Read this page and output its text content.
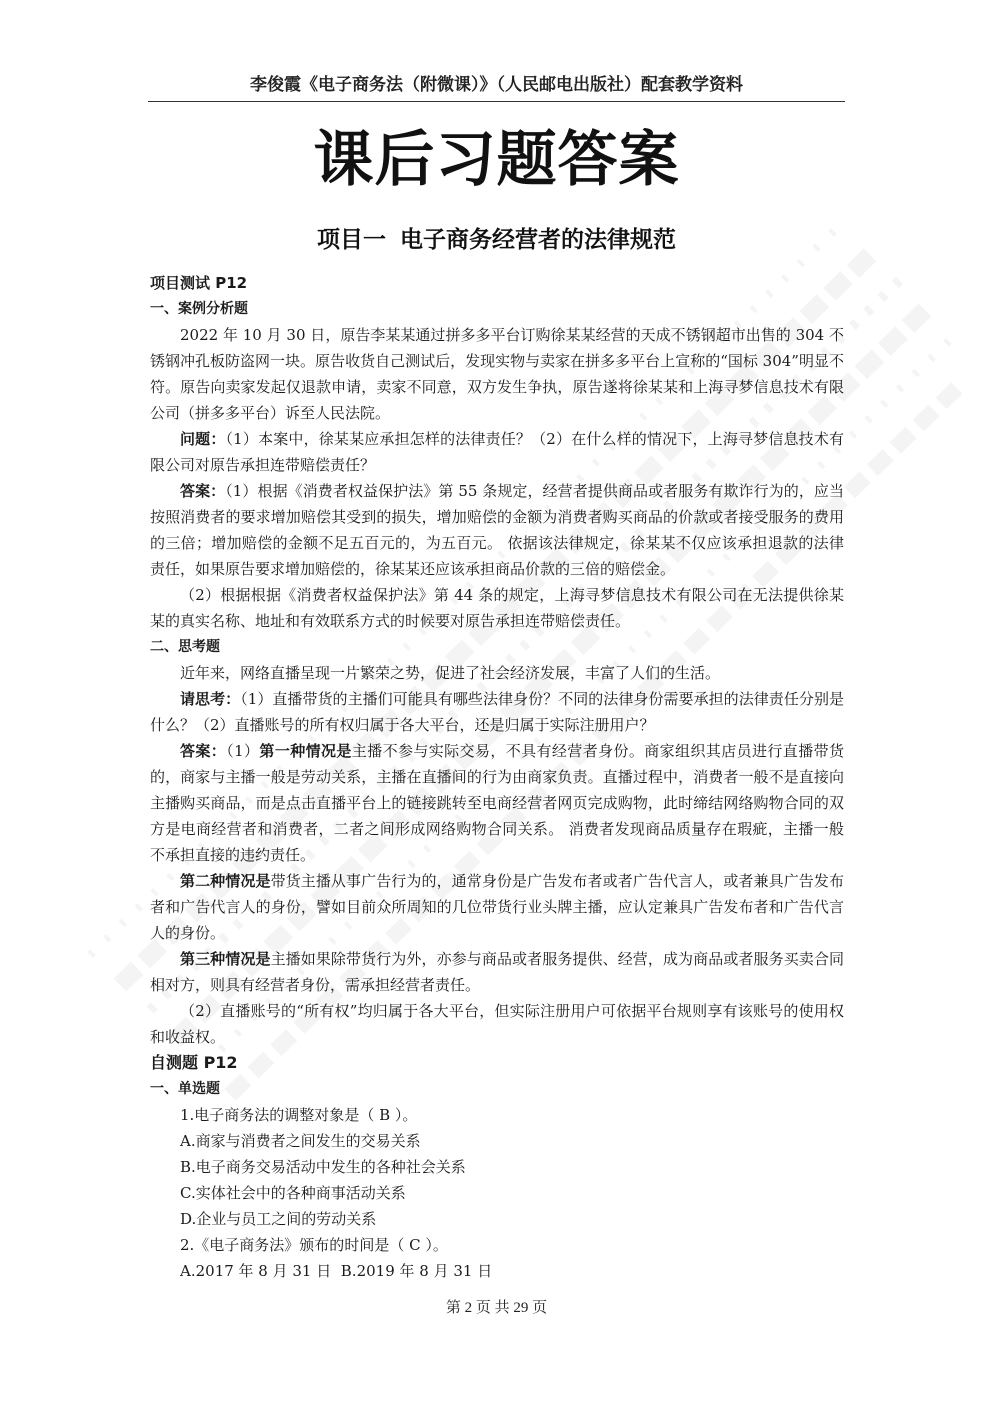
李俊霞《电子商务法（附微课）》（人民邮电出版社）配套教学资料
课后习题答案
项目一 电子商务经营者的法律规范
项目测试 P12
一、案例分析题

2022 年 10 月 30 日，原告李某某通过拼多多平台订购徐某某经营的天成不锈钢超市出售的 304 不锈钢冲孔板防盗网一块。原告收货自己测试后，发现实物与卖家在拼多多平台上宣称的“国标 304”明显不符。原告向卖家发起仅退款申请，卖家不同意，双方发生争执，原告遂将徐某某和上海寻梦信息技术有限公司（拼多多平台）诉至人民法院。

问题：（1）本案中，徐某某应承担怎样的法律责任？（2）在什么样的情况下，上海寻梦信息技术有限公司对原告承担连带赔偿责任？

答案：（1）根据《消费者权益保护法》第 55 条规定，经营者提供商品或者服务有欺诈行为的，应当按照消费者的要求增加赔偿其受到的损失，增加赔偿的金额为消费者购买商品的价款或者接受服务的费用的三倍；增加赔偿的金额不足五百元的，为五百元。 依据该法律规定，徐某某不仅应该承担退款的法律责任，如果原告要求增加赔偿的，徐某某还应该承担商品价款的三倍的赔偿金。

（2）根据根据《消费者权益保护法》第 44 条的规定，上海寻梦信息技术有限公司在无法提供徐某某的真实名称、地址和有效联系方式的时候要对原告承担连带赔偿责任。

二、思考题

近年来，网络直播呈现一片繁荣之势，促进了社会经济发展，丰富了人们的生活。

请思考：（1）直播带货的主播们可能具有哪些法律身份？不同的法律身份需要承担的法律责任分别是什么？（2）直播账号的所有权归属于各大平台，还是归属于实际注册用户？

答案：（1）第一种情况是主播不参与实际交易，不具有经营者身份。商家组织其店员进行直播带货的，商家与主播一般是劳动关系，主播在直播间的行为由商家负责。直播过程中，消费者一般不是直接向主播购买商品，而是点击直播平台上的链接跳转至电商经营者网页完成购物，此时缔结网络购物合同的双方是电商经营者和消费者，二者之间形成网络购物合同关系。 消费者发现商品质量存在瑕疵，主播一般不承担直接的违约责任。

第二种情况是带货主播从事广告行为的，通常身份是广告发布者或者广告代言人，或者兼具广告发布者和广告代言人的身份，譬如目前众所周知的几位带货行业头牌主播，应认定兼具广告发布者和广告代言人的身份。

第三种情况是主播如果除带货行为外，亦参与商品或者服务提供、经营，成为商品或者服务买卖合同相对方，则具有经营者身份，需承担经营者责任。

（2）直播账号的“所有权”均归属于各大平台，但实际注册用户可依据平台规则享有该账号的使用权和收益权。

自测题 P12
一、单选题

1.电子商务法的调整对象是（ B ）。

A.商家与消费者之间发生的交易关系

B.电子商务交易活动中发生的各种社会关系

C.实体社会中的各种商事活动关系

D.企业与员工之间的劳动关系

2.《电子商务法》颁布的时间是（ C ）。

A.2017 年 8 月 31 日  B.2019 年 8 月 31 日

第 2 页 共 29 页
